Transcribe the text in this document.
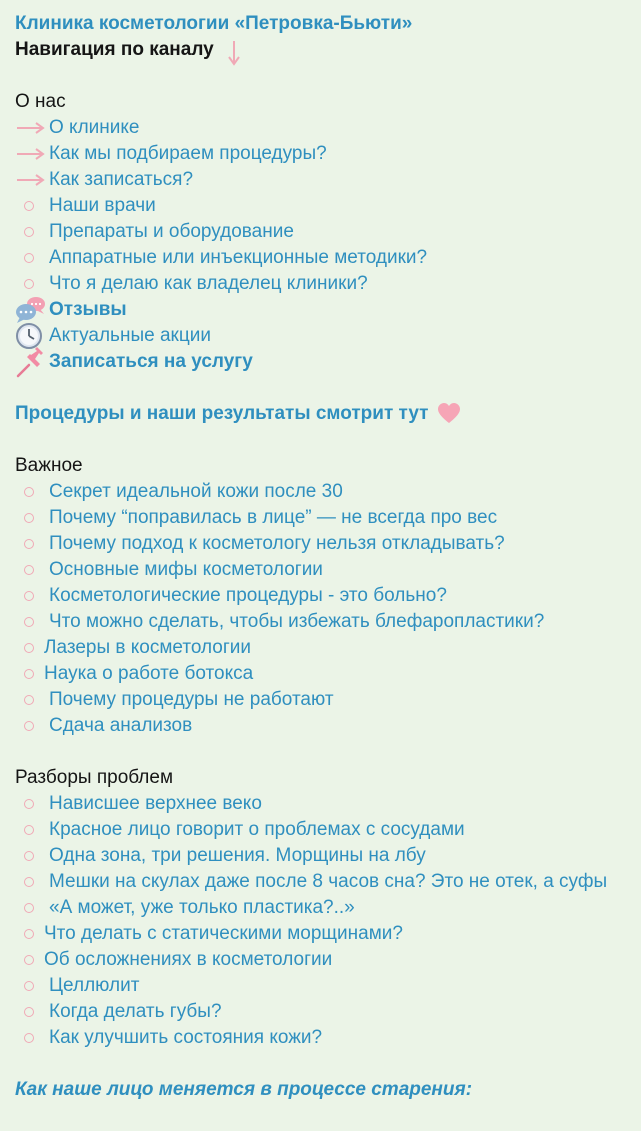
Клиника косметологии «Петровка-Бьюти»
Навигация по каналу
О нас
О клинике
Как мы подбираем процедуры?
Как записаться?
Наши врачи
Препараты и оборудование
Аппаратные или инъекционные методики?
Что я делаю как владелец клиники?
Отзывы
Актуальные акции
Записаться на услугу
Процедуры и наши результаты смотрит тут
Важное
Секрет идеальной кожи после 30
Почему “поправилась в лице” — не всегда про вес
Почему подход к косметологу нельзя откладывать?
Основные мифы косметологии
Косметологические процедуры - это больно?
Что можно сделать, чтобы избежать блефаропластики?
Лазеры в косметологии
Наука о работе ботокса
Почему процедуры не работают
Сдача анализов
Разборы проблем
Нависшее верхнее веко
Красное лицо говорит о проблемах с сосудами
Одна зона, три решения. Морщины на лбу
Мешки на скулах даже после 8 часов сна? Это не отек, а суфы
«А может, уже только пластика?..»
Что делать с статическими морщинами?
Об осложнениях в косметологии
Целлюлит
Когда делать губы?
Как улучшить состояния кожи?
Как наше лицо меняется в процессе старения:
